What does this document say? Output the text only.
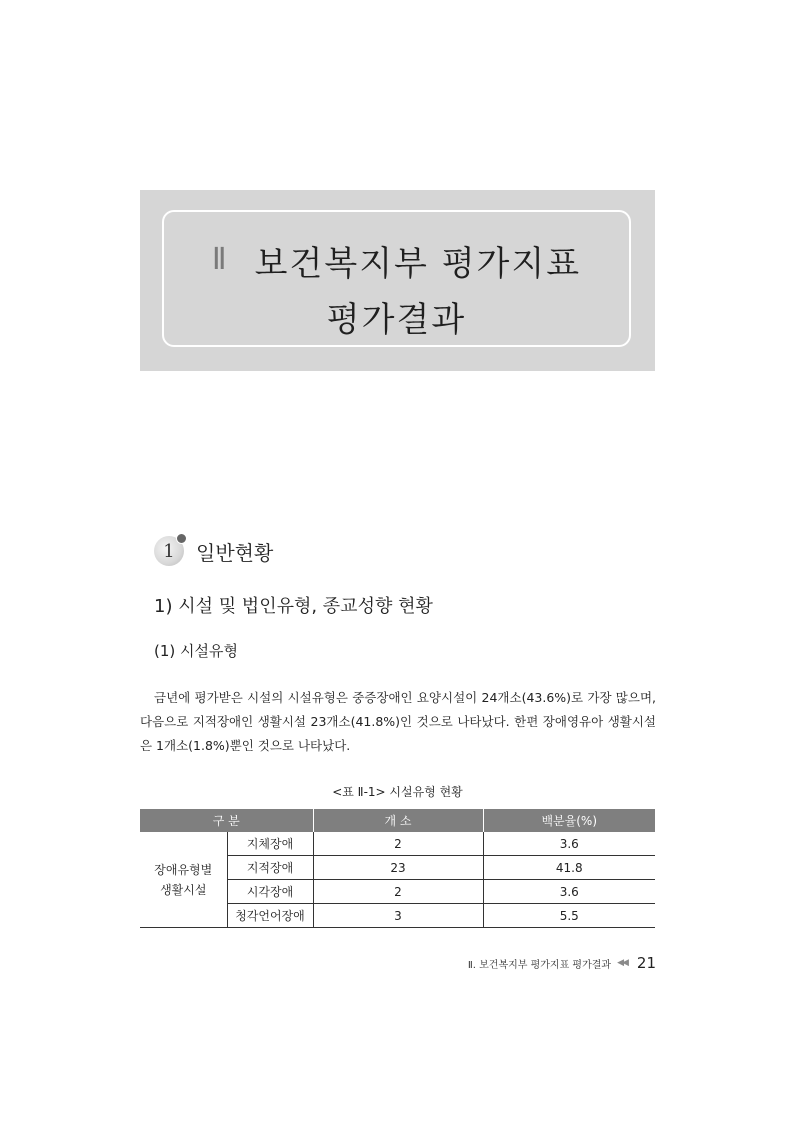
Ⅱ 보건복지부 평가지표
평가결과
1 일반현황
1) 시설 및 법인유형, 종교성향 현황
(1) 시설유형

금년에 평가받은 시설의 시설유형은 중증장애인 요양시설이 24개소(43.6%)로 가장 많으며, 다음으로 지적장애인 생활시설 23개소(41.8%)인 것으로 나타났다. 한편 장애영유아 생활시설은 1개소(1.8%)뿐인 것으로 나타났다.

<표 Ⅱ-1> 시설유형 현황
구 분		개 소	백분율(%)
장애유형별
생활시설	지체장애	2	3.6
	지적장애	23	41.8
	시각장애	2	3.6
	청각언어장애	3	5.5
Ⅱ. 보건복지부 평가지표 평가결과 ◀◀ 21
